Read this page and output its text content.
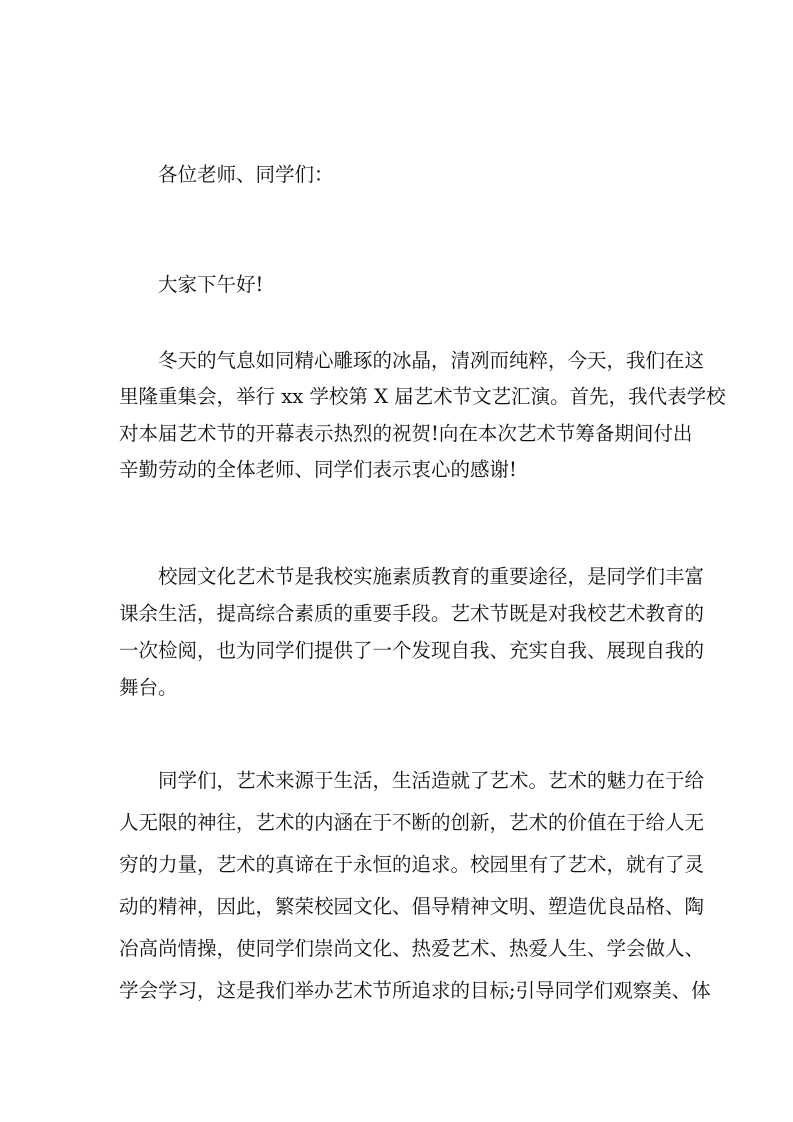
各位老师、同学们：
大家下午好!
冬天的气息如同精心雕琢的冰晶，清冽而纯粹，今天，我们在这
里隆重集会，举行 xx 学校第 X 届艺术节文艺汇演。首先，我代表学校
对本届艺术节的开幕表示热烈的祝贺!向在本次艺术节筹备期间付出
辛勤劳动的全体老师、同学们表示衷心的感谢!
校园文化艺术节是我校实施素质教育的重要途径，是同学们丰富
课余生活，提高综合素质的重要手段。艺术节既是对我校艺术教育的
一次检阅，也为同学们提供了一个发现自我、充实自我、展现自我的
舞台。
同学们，艺术来源于生活，生活造就了艺术。艺术的魅力在于给
人无限的神往，艺术的内涵在于不断的创新，艺术的价值在于给人无
穷的力量，艺术的真谛在于永恒的追求。校园里有了艺术，就有了灵
动的精神，因此，繁荣校园文化、倡导精神文明、塑造优良品格、陶
冶高尚情操，使同学们崇尚文化、热爱艺术、热爱人生、学会做人、
学会学习，这是我们举办艺术节所追求的目标;引导同学们观察美、体
